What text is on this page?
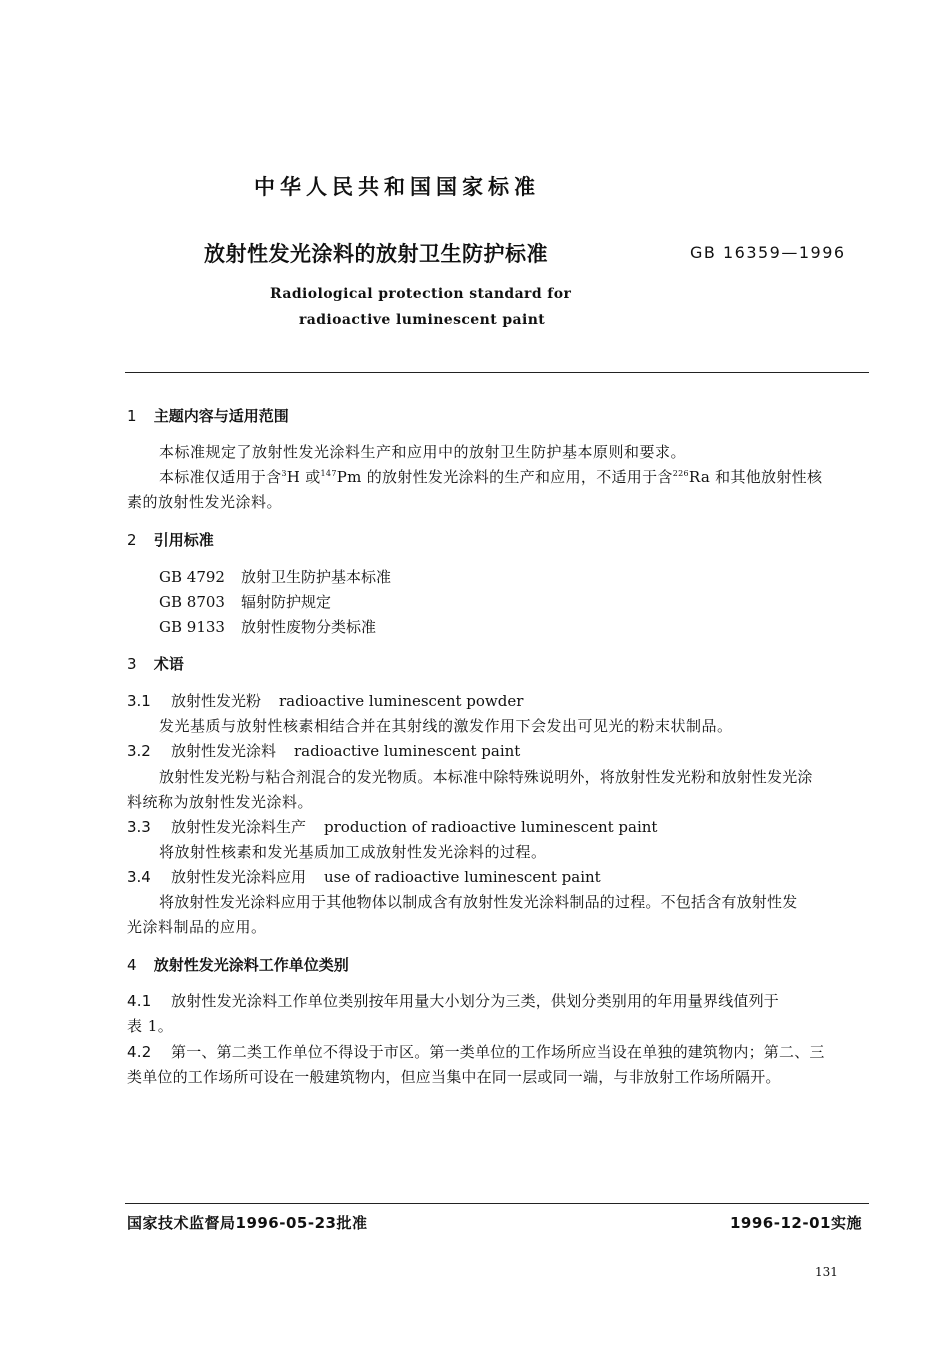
中华人民共和国国家标准
放射性发光涂料的放射卫生防护标准	GB 16359—1996
Radiological protection standard for
radioactive luminescent paint
1 主题内容与适用范围
本标准规定了放射性发光涂料生产和应用中的放射卫生防护基本原则和要求。
本标准仅适用于含$^3$H 或$^{147}$Pm 的放射性发光涂料的生产和应用，不适用于含$^{226}$Ra 和其他放射性核
素的放射性发光涂料。
2 引用标准
GB 4792 放射卫生防护基本标准
GB 8703 辐射防护规定
GB 9133 放射性废物分类标准
3 术语
3.1 放射性发光粉 radioactive luminescent powder
发光基质与放射性核素相结合并在其射线的激发作用下会发出可见光的粉末状制品。
3.2 放射性发光涂料 radioactive luminescent paint
放射性发光粉与粘合剂混合的发光物质。本标准中除特殊说明外，将放射性发光粉和放射性发光涂
料统称为放射性发光涂料。
3.3 放射性发光涂料生产 production of radioactive luminescent paint
将放射性核素和发光基质加工成放射性发光涂料的过程。
3.4 放射性发光涂料应用 use of radioactive luminescent paint
将放射性发光涂料应用于其他物体以制成含有放射性发光涂料制品的过程。不包括含有放射性发
光涂料制品的应用。
4 放射性发光涂料工作单位类别
4.1 放射性发光涂料工作单位类别按年用量大小划分为三类，供划分类别用的年用量界线值列于
表 1。
4.2 第一、第二类工作单位不得设于市区。第一类单位的工作场所应当设在单独的建筑物内；第二、三
类单位的工作场所可设在一般建筑物内，但应当集中在同一层或同一端，与非放射工作场所隔开。
国家技术监督局1996-05-23批准	1996-12-01实施
131
